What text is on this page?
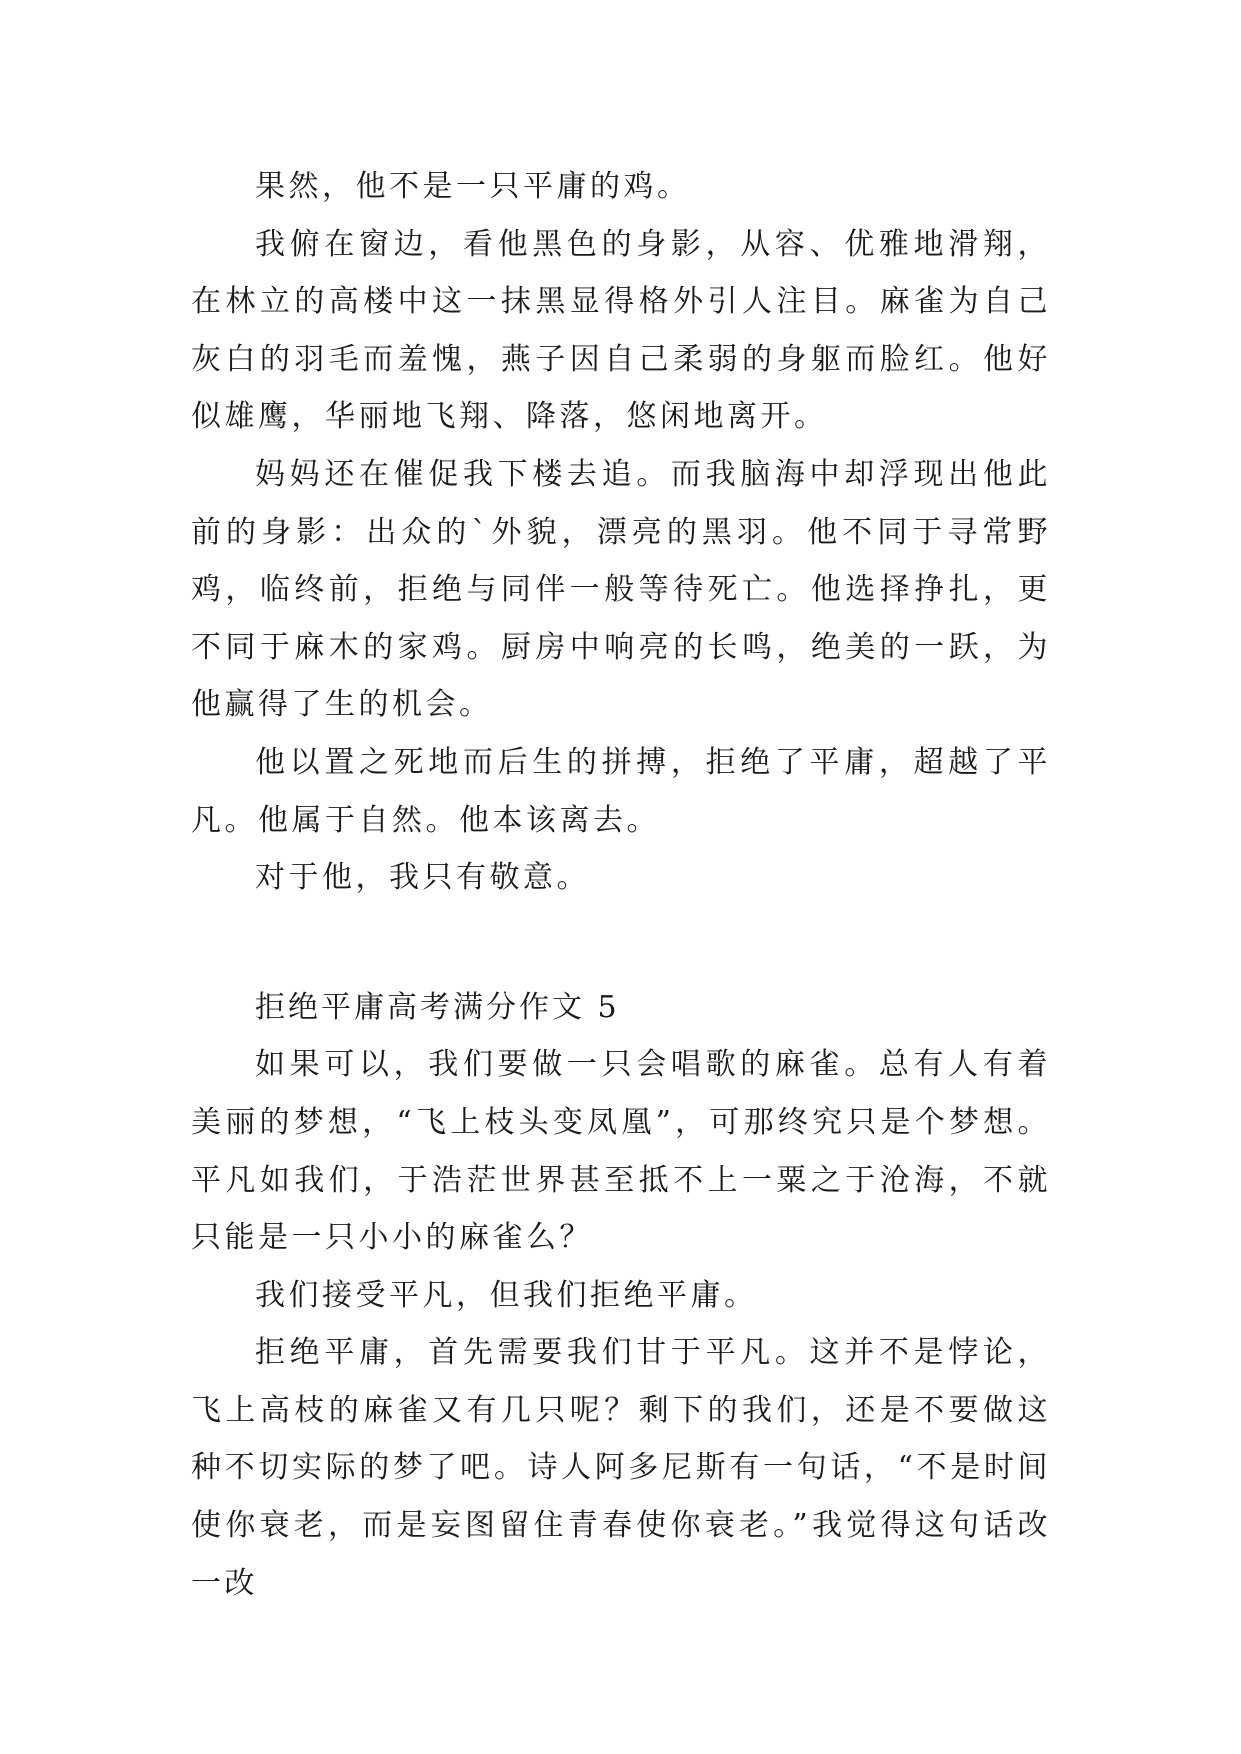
果然，他不是一只平庸的鸡。

我俯在窗边，看他黑色的身影，从容、优雅地滑翔，在林立的高楼中这一抹黑显得格外引人注目。麻雀为自己灰白的羽毛而羞愧，燕子因自己柔弱的身躯而脸红。他好似雄鹰，华丽地飞翔、降落，悠闲地离开。

妈妈还在催促我下楼去追。而我脑海中却浮现出他此前的身影：出众的`外貌，漂亮的黑羽。他不同于寻常野鸡，临终前，拒绝与同伴一般等待死亡。他选择挣扎，更不同于麻木的家鸡。厨房中响亮的长鸣，绝美的一跃，为他赢得了生的机会。

他以置之死地而后生的拼搏，拒绝了平庸，超越了平凡。他属于自然。他本该离去。

对于他，我只有敬意。

拒绝平庸高考满分作文 5

如果可以，我们要做一只会唱歌的麻雀。总有人有着美丽的梦想，“飞上枝头变凤凰”，可那终究只是个梦想。平凡如我们，于浩茫世界甚至抵不上一粟之于沧海，不就只能是一只小小的麻雀么？

我们接受平凡，但我们拒绝平庸。

拒绝平庸，首先需要我们甘于平凡。这并不是悖论，飞上高枝的麻雀又有几只呢？剩下的我们，还是不要做这种不切实际的梦了吧。诗人阿多尼斯有一句话，“不是时间使你衰老，而是妄图留住青春使你衰老。”我觉得这句话改一改
